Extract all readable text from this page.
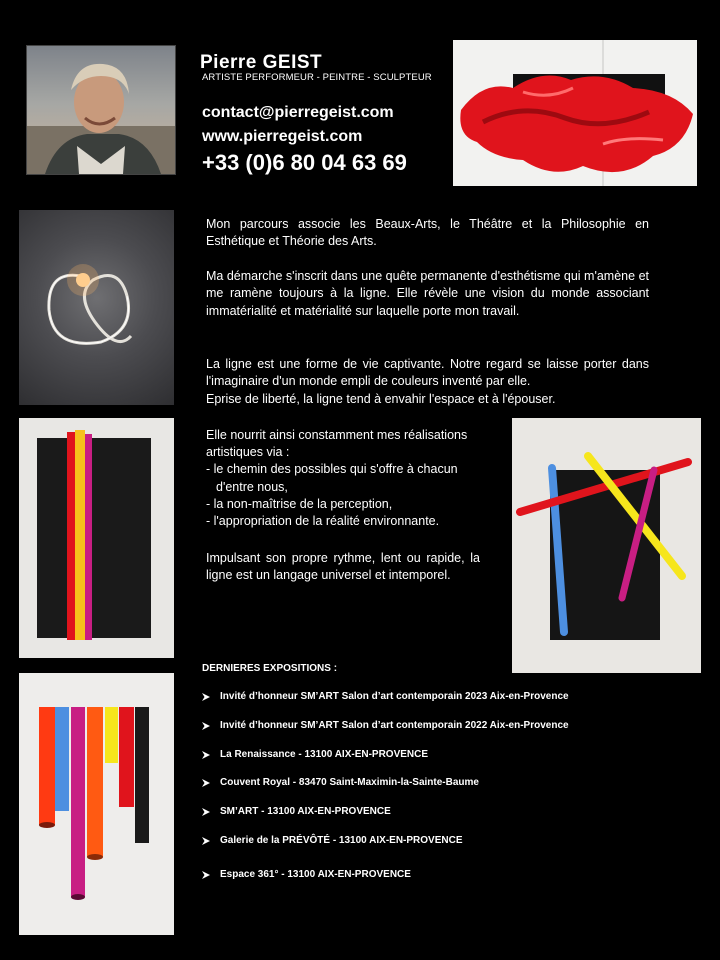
Pierre GEIST
ARTISTE PERFORMEUR - PEINTRE - SCULPTEUR
contact@pierregeist.com
www.pierregeist.com
+33 (0)6 80 04 63 69
Mon parcours associe les Beaux-Arts, le Théâtre et la Philosophie en Esthétique et Théorie des Arts.
Ma démarche s'inscrit dans une quête permanente d'esthétisme qui m'amène et me ramène toujours à la ligne. Elle révèle une vision du monde associant immatérialité et matérialité sur laquelle porte mon travail.
La ligne est une forme de vie captivante. Notre regard se laisse porter dans l'imaginaire d'un monde empli de couleurs inventé par elle.
Eprise de liberté, la ligne tend à envahir l'espace et à l'épouser.
Elle nourrit ainsi constamment mes réalisations artistiques via :
- le chemin des possibles qui s'offre à chacun
d'entre nous,
- la non-maîtrise de la perception,
- l'appropriation de la réalité environnante.
Impulsant son propre rythme, lent ou rapide, la ligne est un langage universel et intemporel.
DERNIERES EXPOSITIONS :
Invité d’honneur SM’ART Salon d’art contemporain 2023 Aix-en-Provence
Invité d’honneur SM’ART Salon d’art contemporain 2022 Aix-en-Provence
La Renaissance - 13100 AIX-EN-PROVENCE
Couvent Royal - 83470 Saint-Maximin-la-Sainte-Baume
SM’ART - 13100 AIX-EN-PROVENCE
Galerie de la PRÉVÔTÉ - 13100 AIX-EN-PROVENCE
Espace 361° - 13100 AIX-EN-PROVENCE
